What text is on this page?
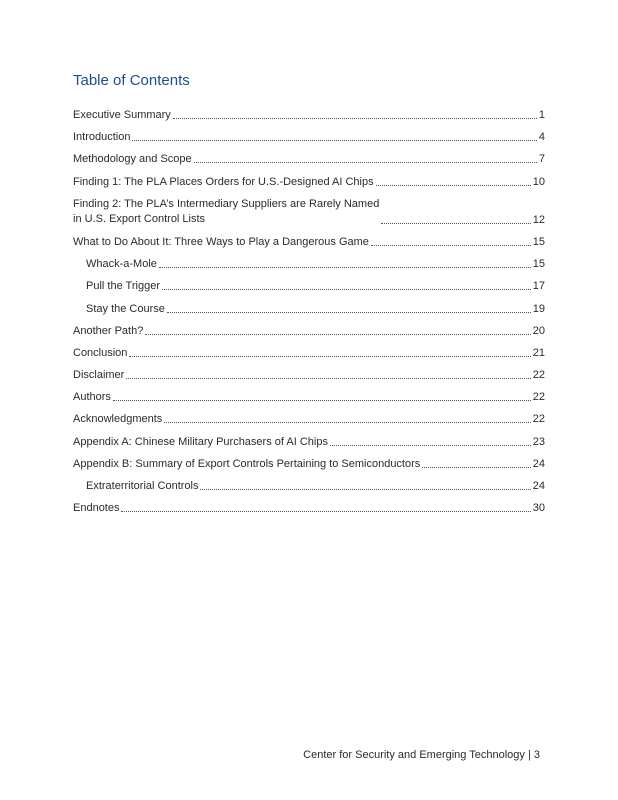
Table of Contents
Executive Summary	1
Introduction	4
Methodology and Scope	7
Finding 1: The PLA Places Orders for U.S.-Designed AI Chips	10
Finding 2: The PLA’s Intermediary Suppliers are Rarely Named
in U.S. Export Control Lists	12
What to Do About It: Three Ways to Play a Dangerous Game	15
Whack-a-Mole	15
Pull the Trigger	17
Stay the Course	19
Another Path?	20
Conclusion	21
Disclaimer	22
Authors	22
Acknowledgments	22
Appendix A: Chinese Military Purchasers of AI Chips	23
Appendix B: Summary of Export Controls Pertaining to Semiconductors	24
Extraterritorial Controls	24
Endnotes	30
Center for Security and Emerging Technology | 3
